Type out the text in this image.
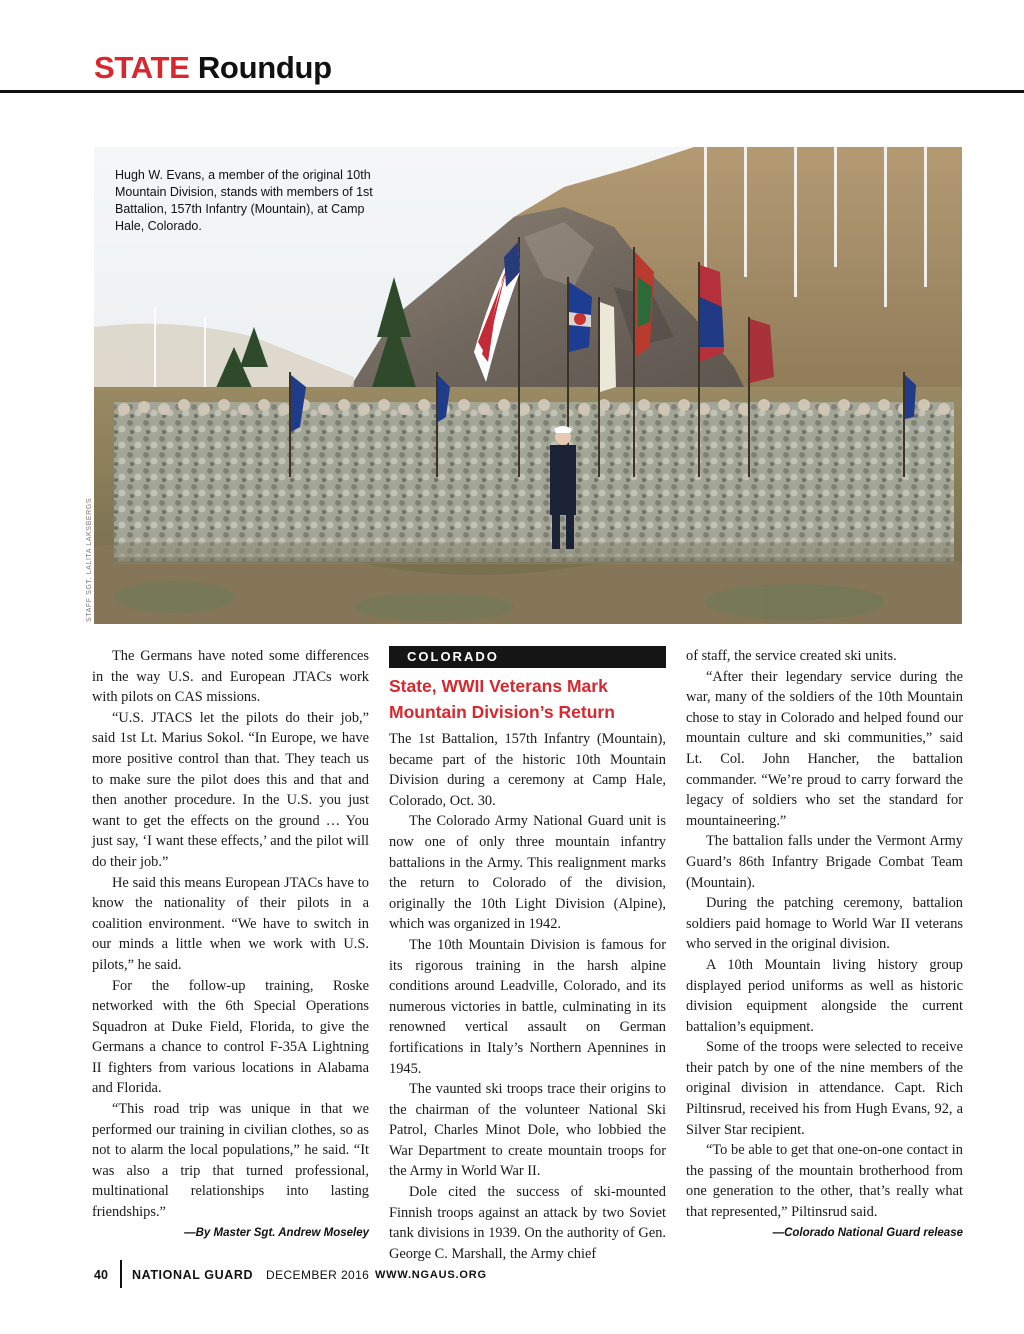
STATE Roundup
Hugh W. Evans, a member of the original 10th Mountain Division, stands with members of 1st Battalion, 157th Infantry (Mountain), at Camp Hale, Colorado.
STAFF SGT. LALITA LAKSBERGS

The Germans have noted some differences in the way U.S. and European JTACs work with pilots on CAS missions.

“U.S. JTACS let the pilots do their job,” said 1st Lt. Marius Sokol. “In Europe, we have more positive control than that. They teach us to make sure the pilot does this and that and then another procedure. In the U.S. you just want to get the effects on the ground … You just say, ‘I want these effects,’ and the pilot will do their job.”

He said this means European JTACs have to know the nationality of their pilots in a coalition environment. “We have to switch in our minds a little when we work with U.S. pilots,” he said.

For the follow-up training, Roske networked with the 6th Special Operations Squadron at Duke Field, Florida, to give the Germans a chance to control F-35A Lightning II fighters from various locations in Alabama and Florida.

“This road trip was unique in that we performed our training in civilian clothes, so as not to alarm the local populations,” he said. “It was also a trip that turned professional, multinational relationships into lasting friendships.”

—By Master Sgt. Andrew Moseley
COLORADO
State, WWII Veterans Mark Mountain Division’s Return

The 1st Battalion, 157th Infantry (Mountain), became part of the historic 10th Mountain Division during a ceremony at Camp Hale, Colorado, Oct. 30.

The Colorado Army National Guard unit is now one of only three mountain infantry battalions in the Army. This realignment marks the return to Colorado of the division, originally the 10th Light Division (Alpine), which was organized in 1942.

The 10th Mountain Division is famous for its rigorous training in the harsh alpine conditions around Leadville, Colorado, and its numerous victories in battle, culminating in its renowned vertical assault on German fortifications in Italy’s Northern Apennines in 1945.

The vaunted ski troops trace their origins to the chairman of the volunteer National Ski Patrol, Charles Minot Dole, who lobbied the War Department to create mountain troops for the Army in World War II.

Dole cited the success of ski-mounted Finnish troops against an attack by two Soviet tank divisions in 1939. On the authority of Gen. George C. Marshall, the Army chief

of staff, the service created ski units.

“After their legendary service during the war, many of the soldiers of the 10th Mountain chose to stay in Colorado and helped found our mountain culture and ski communities,” said Lt. Col. John Hancher, the battalion commander. “We’re proud to carry forward the legacy of soldiers who set the standard for mountaineering.”

The battalion falls under the Vermont Army Guard’s 86th Infantry Brigade Combat Team (Mountain).

During the patching ceremony, battalion soldiers paid homage to World War II veterans who served in the original division.

A 10th Mountain living history group displayed period uniforms as well as historic division equipment alongside the current battalion’s equipment.

Some of the troops were selected to receive their patch by one of the nine members of the original division in attendance. Capt. Rich Piltinsrud, received his from Hugh Evans, 92, a Silver Star recipient.

“To be able to get that one-on-one contact in the passing of the mountain brotherhood from one generation to the other, that’s really what that represented,” Piltinsrud said.

—Colorado National Guard release
40 NATIONAL GUARD DECEMBER 2016 WWW.NGAUS.ORG
